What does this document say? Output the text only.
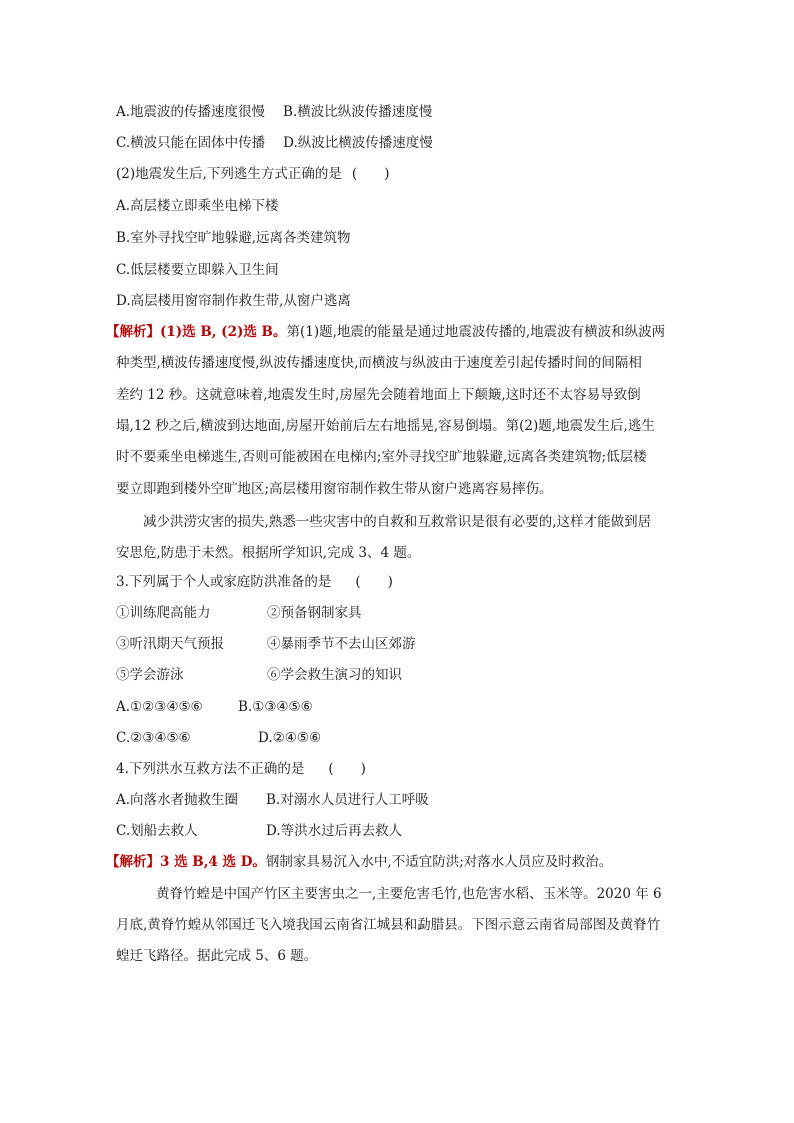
A.地震波的传播速度很慢 B.横波比纵波传播速度慢
C.横波只能在固体中传播 D.纵波比横波传播速度慢
(2)地震发生后,下列逃生方式正确的是 (　　)
A.高层楼立即乘坐电梯下楼
B.室外寻找空旷地躲避,远离各类建筑物
C.低层楼要立即躲入卫生间
D.高层楼用窗帘制作救生带,从窗户逃离
【解析】(1)选 B, (2)选 B。第(1)题,地震的能量是通过地震波传播的,地震波有横波和纵波两
种类型,横波传播速度慢,纵波传播速度快,而横波与纵波由于速度差引起传播时间的间隔相
差约 12 秒。这就意味着,地震发生时,房屋先会随着地面上下颠簸,这时还不太容易导致倒
塌,12 秒之后,横波到达地面,房屋开始前后左右地摇晃,容易倒塌。第(2)题,地震发生后,逃生
时不要乘坐电梯逃生,否则可能被困在电梯内;室外寻找空旷地躲避,远离各类建筑物;低层楼
要立即跑到楼外空旷地区;高层楼用窗帘制作救生带从窗户逃离容易摔伤。
减少洪涝灾害的损失,熟悉一些灾害中的自救和互救常识是很有必要的,这样才能做到居
安思危,防患于未然。根据所学知识,完成 3、4 题。
3.下列属于个人或家庭防洪准备的是 (　　)
①训练爬高能力	②预备钢制家具
③听汛期天气预报	④暴雨季节不去山区郊游
⑤学会游泳	⑥学会救生演习的知识
A.①②③④⑤⑥	B.①③④⑤⑥
C.②③④⑤⑥	D.②④⑤⑥
4.下列洪水互救方法不正确的是 (　　)
A.向落水者抛救生圈 B.对溺水人员进行人工呼吸
C.划船去救人	D.等洪水过后再去救人
【解析】3 选 B,4 选 D。钢制家具易沉入水中,不适宜防洪;对落水人员应及时救治。
黄脊竹蝗是中国产竹区主要害虫之一,主要危害毛竹,也危害水稻、玉米等。2020 年 6
月底,黄脊竹蝗从邻国迁飞入境我国云南省江城县和勐腊县。下图示意云南省局部图及黄脊竹
蝗迁飞路径。据此完成 5、6 题。
